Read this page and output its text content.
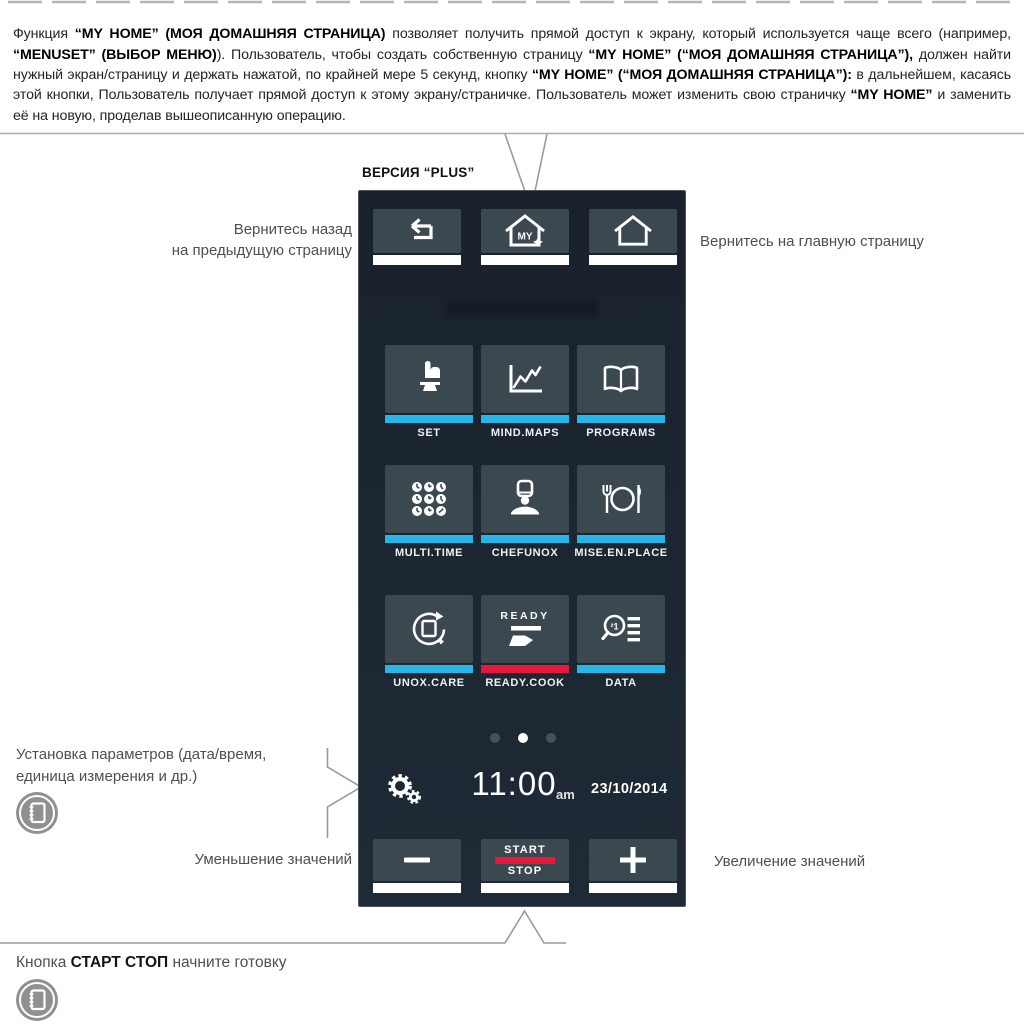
Функция “MY HOME” (МОЯ ДОМАШНЯЯ СТРАНИЦА) позволяет получить прямой доступ к экрану, который используется чаще всего (например, “MENUSET” (ВЫБОР МЕНЮ)). Пользователь, чтобы создать собственную страницу “MY HOME” (“МОЯ ДОМАШНЯЯ СТРАНИЦА”), должен найти нужный экран/страницу и держать нажатой, по крайней мере 5 секунд, кнопку “MY HOME” (“МОЯ ДОМАШНЯЯ СТРАНИЦА”): в дальнейшем, касаясь этой кнопки, Пользователь получает прямой доступ к этому экрану/страничке. Пользователь может изменить свою страничку “MY HOME” и заменить её на новую, проделав вышеописанную операцию.

ВЕРСИЯ “PLUS”
Вернитесь назад
на предыдущую страницу
Вернитесь на главную страницу
Установка параметров (дата/время,
единица измерения и др.)
Уменьшение значений	Увеличение значений
Кнопка СТАРТ СТОП начните готовку
MY
SET	MIND.MAPS PROGRAMS
MULTI.TIME	CHEFUNOX MISE.EN.PLACE
UNOX.CARE
READY
READY.COOK
²1
DATA
11:00 am 23/10/2014
START
STOP
